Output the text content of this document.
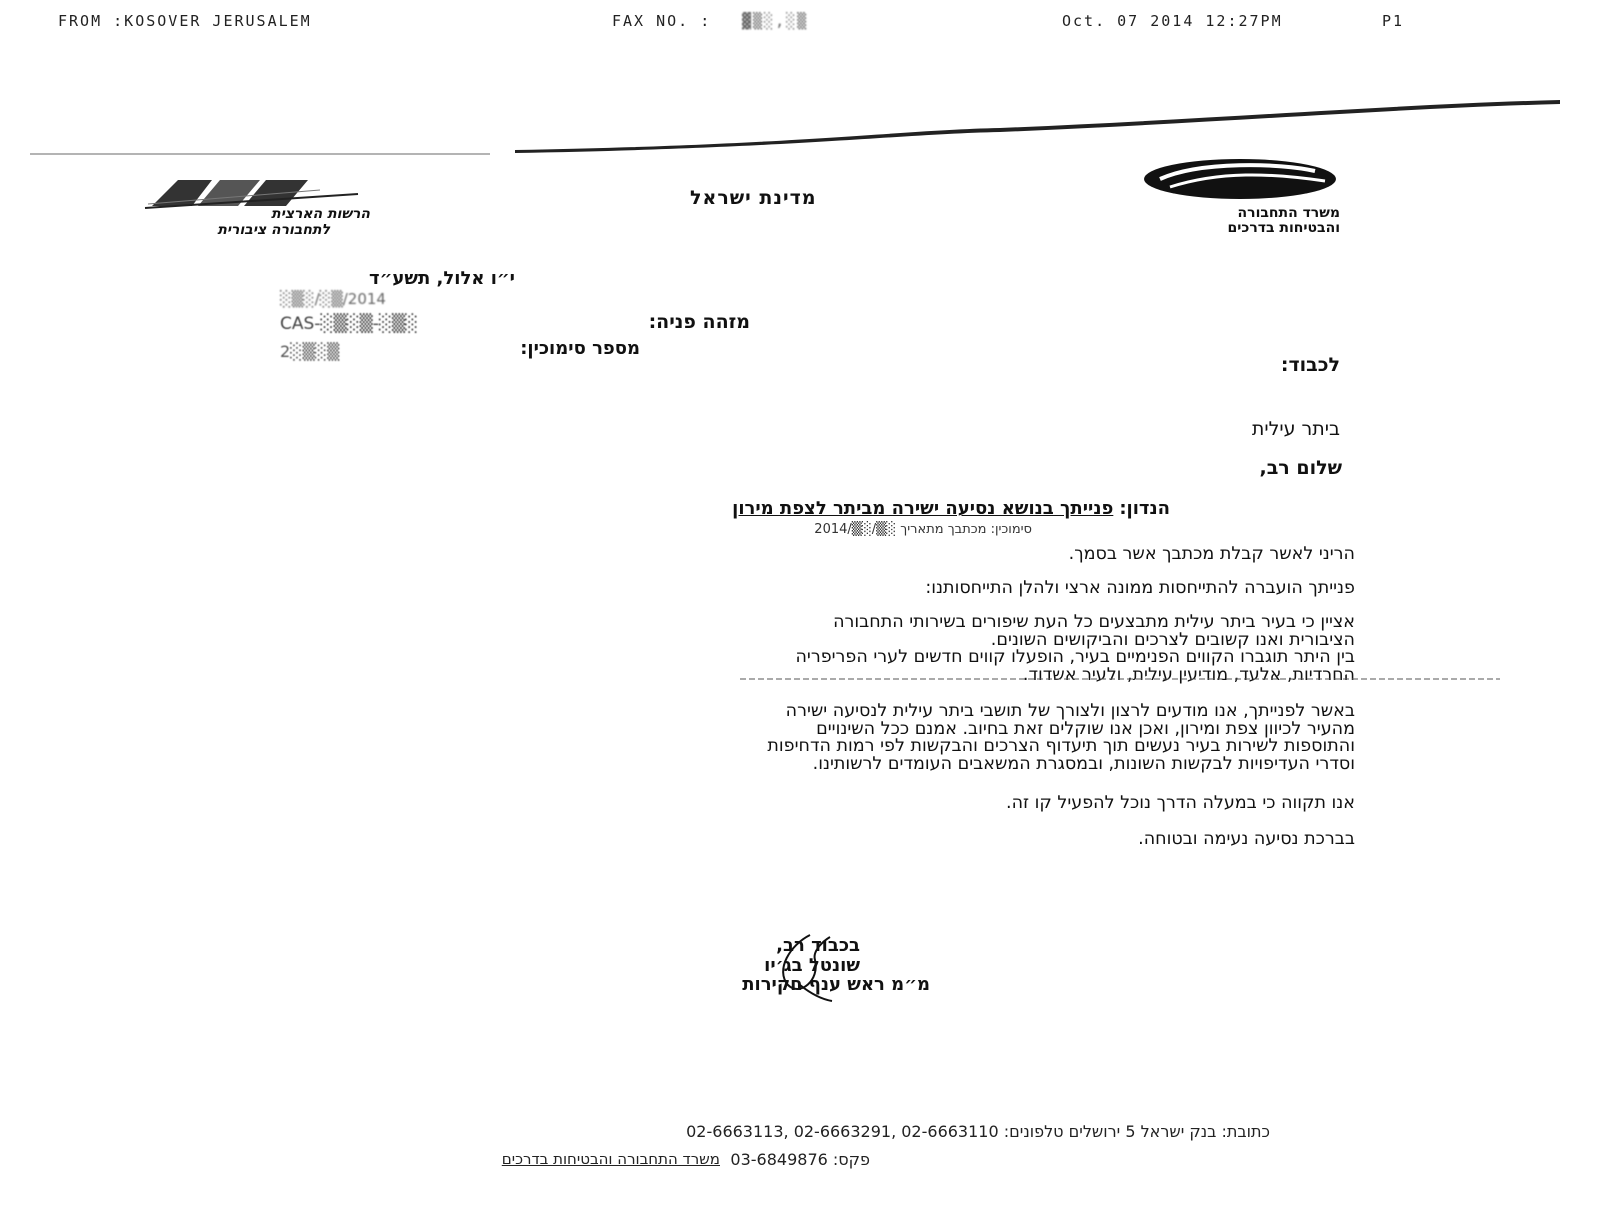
FROM :KOSOVER JERUSALEM	FAX NO. : ▓▒░,░▒	Oct. 07 2014 12:27PM	P1
הרשות הארצית
לתחבורה ציבורית
מדינת ישראל
משרד התחבורה
והבטיחות בדרכים
י״ו אלול, תשע״ד
░▒░/░▒/2014
מזהה פניה:
CAS-░▒░▒-░▒░
מספר סימוכין:
2░▒░▒
לכבוד:
ביתר עילית
שלום רב,
הנדון:
פנייתך בנושא נסיעה ישירה מביתר לצפת מירון
סימוכין: מכתבך מתאריך ░▒/░▒/2014
הריני לאשר קבלת מכתבך אשר בסמך.
פנייתך הועברה להתייחסות ממונה ארצי ולהלן התייחסותנו:
אציין כי בעיר ביתר עילית מתבצעים כל העת שיפורים בשירותי התחבורה
הציבורית ואנו קשובים לצרכים והביקושים השונים.
בין היתר תוגברו הקווים הפנימיים בעיר, הופעלו קווים חדשים לערי הפריפריה
החרדיות, אלעד, מודיעין עילית, ולעיר אשדוד.
באשר לפנייתך, אנו מודעים לרצון ולצורך של תושבי ביתר עילית לנסיעה ישירה
מהעיר לכיוון צפת ומירון, ואכן אנו שוקלים זאת בחיוב. אמנם ככל השינויים
והתוספות לשירות בעיר נעשים תוך תיעדוף הצרכים והבקשות לפי רמות הדחיפות
וסדרי העדיפויות לבקשות השונות, ובמסגרת המשאבים העומדים לרשותינו.
אנו תקווה כי במעלה הדרך נוכל להפעיל קו זה.
בברכת נסיעה נעימה ובטוחה.
בכבוד רב,
שונטל בג׳יו
מ״מ ראש ענף חקירות
כתובת: בנק ישראל 5 ירושלים טלפונים: 02-6663110 ,02-6663291 ,02-6663113
פקס: 03-6849876
משרד התחבורה והבטיחות בדרכים
